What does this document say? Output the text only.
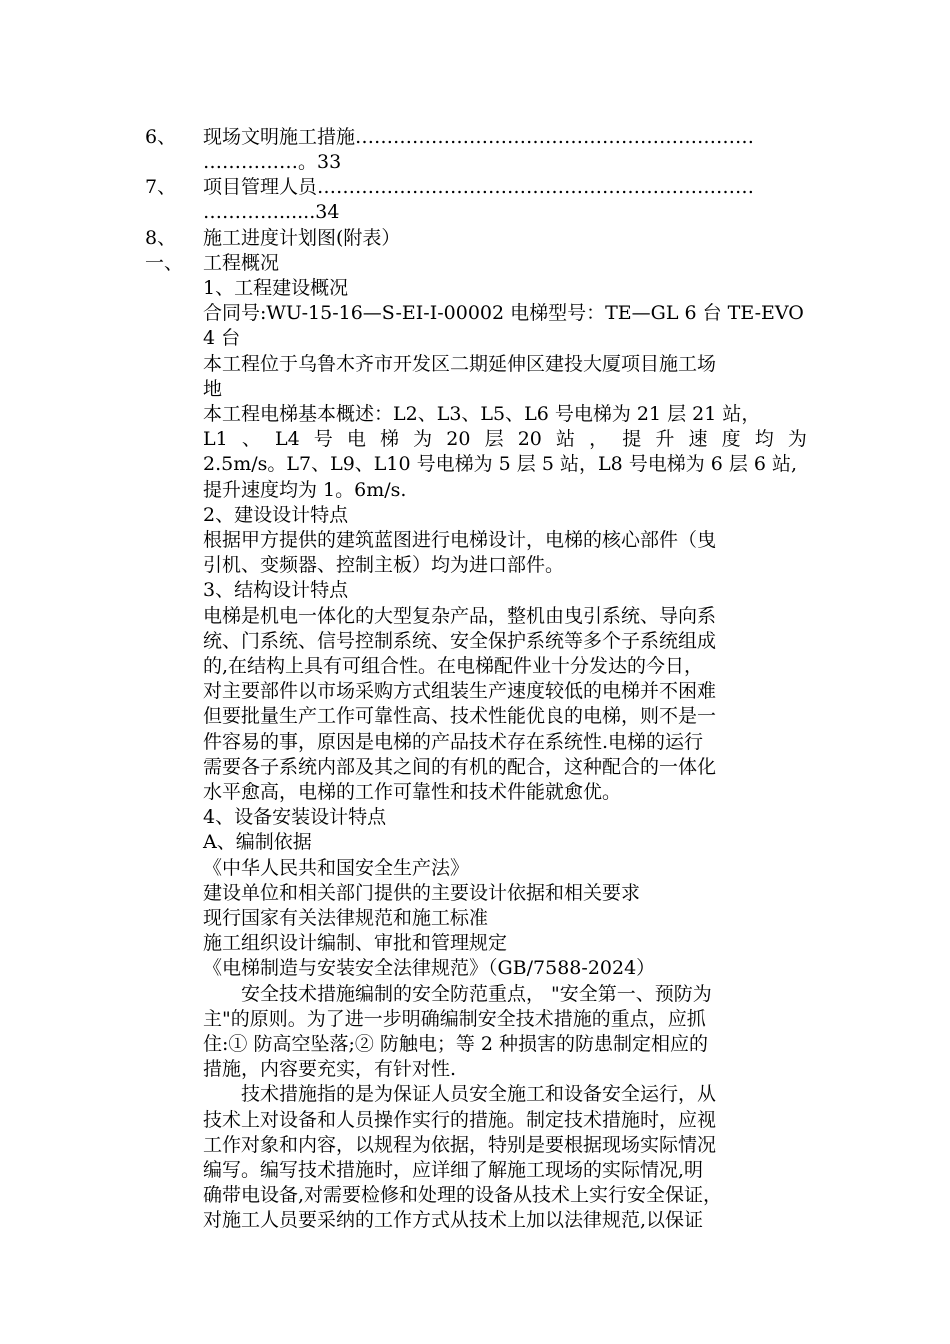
6、 现场文明施工措施………………………………………………………
……………。33
7、 项目管理人员……………………………………………………………
…………......34
8、 施工进度计划图(附表）
一、 工程概况
1、工程建设概况
合同号:WU-15-16—S-EI-I-00002 电梯型号：TE—GL 6 台 TE-EVO
4 台
本工程位于乌鲁木齐市开发区二期延伸区建投大厦项目施工场
地
本工程电梯基本概述：L2、L3、L5、L6 号电梯为 21 层 21 站，
L1 、 L4 号 电 梯 为 20 层 20 站 ， 提 升 速 度 均 为
2.5m/s。L7、L9、L10 号电梯为 5 层 5 站，L8 号电梯为 6 层 6 站,
提升速度均为 1。6m/s.
2、建设设计特点
根据甲方提供的建筑蓝图进行电梯设计，电梯的核心部件（曳
引机、变频器、控制主板）均为进口部件。
3、结构设计特点
电梯是机电一体化的大型复杂产品，整机由曳引系统、导向系
统、门系统、信号控制系统、安全保护系统等多个子系统组成
的,在结构上具有可组合性。在电梯配件业十分发达的今日，
对主要部件以市场采购方式组装生产速度较低的电梯并不困难
但要批量生产工作可靠性高、技术性能优良的电梯，则不是一
件容易的事，原因是电梯的产品技术存在系统性.电梯的运行
需要各子系统内部及其之间的有机的配合，这种配合的一体化
水平愈高，电梯的工作可靠性和技术件能就愈优。
4、设备安装设计特点
A、编制依据
《中华人民共和国安全生产法》
建设单位和相关部门提供的主要设计依据和相关要求
现行国家有关法律规范和施工标准
施工组织设计编制、审批和管理规定
《电梯制造与安装安全法律规范》（GB/7588-2024）
　　安全技术措施编制的安全防范重点， "安全第一、预防为
主"的原则。为了进一步明确编制安全技术措施的重点，应抓
住:① 防高空坠落;② 防触电；等 2 种损害的防患制定相应的
措施，内容要充实，有针对性.
　　技术措施指的是为保证人员安全施工和设备安全运行，从
技术上对设备和人员操作实行的措施。制定技术措施时，应视
工作对象和内容，以规程为依据，特别是要根据现场实际情况
编写。编写技术措施时，应详细了解施工现场的实际情况,明
确带电设备,对需要检修和处理的设备从技术上实行安全保证，
对施工人员要采纳的工作方式从技术上加以法律规范,以保证
